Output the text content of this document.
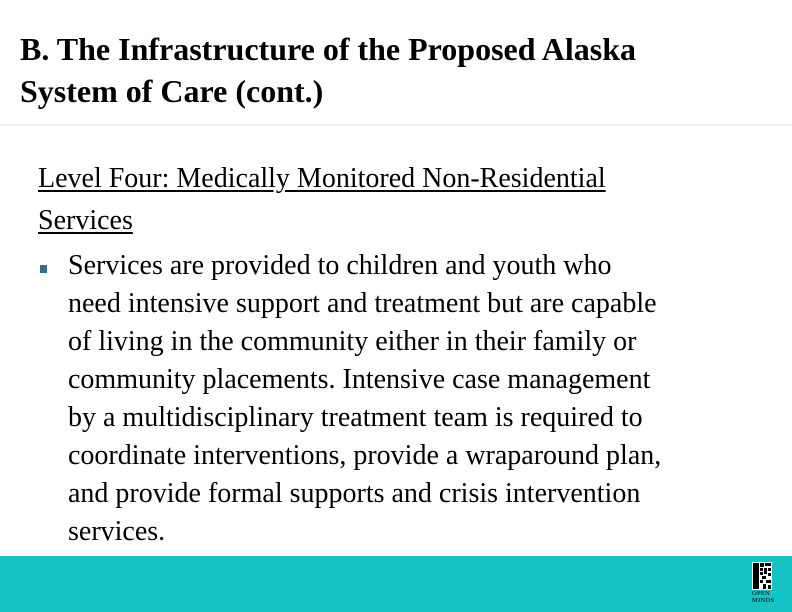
B. The Infrastructure of the Proposed Alaska
System of Care (cont.)
Level Four: Medically Monitored Non-Residential
Services
Services are provided to children and youth who
need intensive support and treatment but are capable
of living in the community either in their family or
community placements. Intensive case management
by a multidisciplinary treatment team is required to
coordinate interventions, provide a wraparound plan,
and provide formal supports and crisis intervention
services.
OPEN
MINDS
